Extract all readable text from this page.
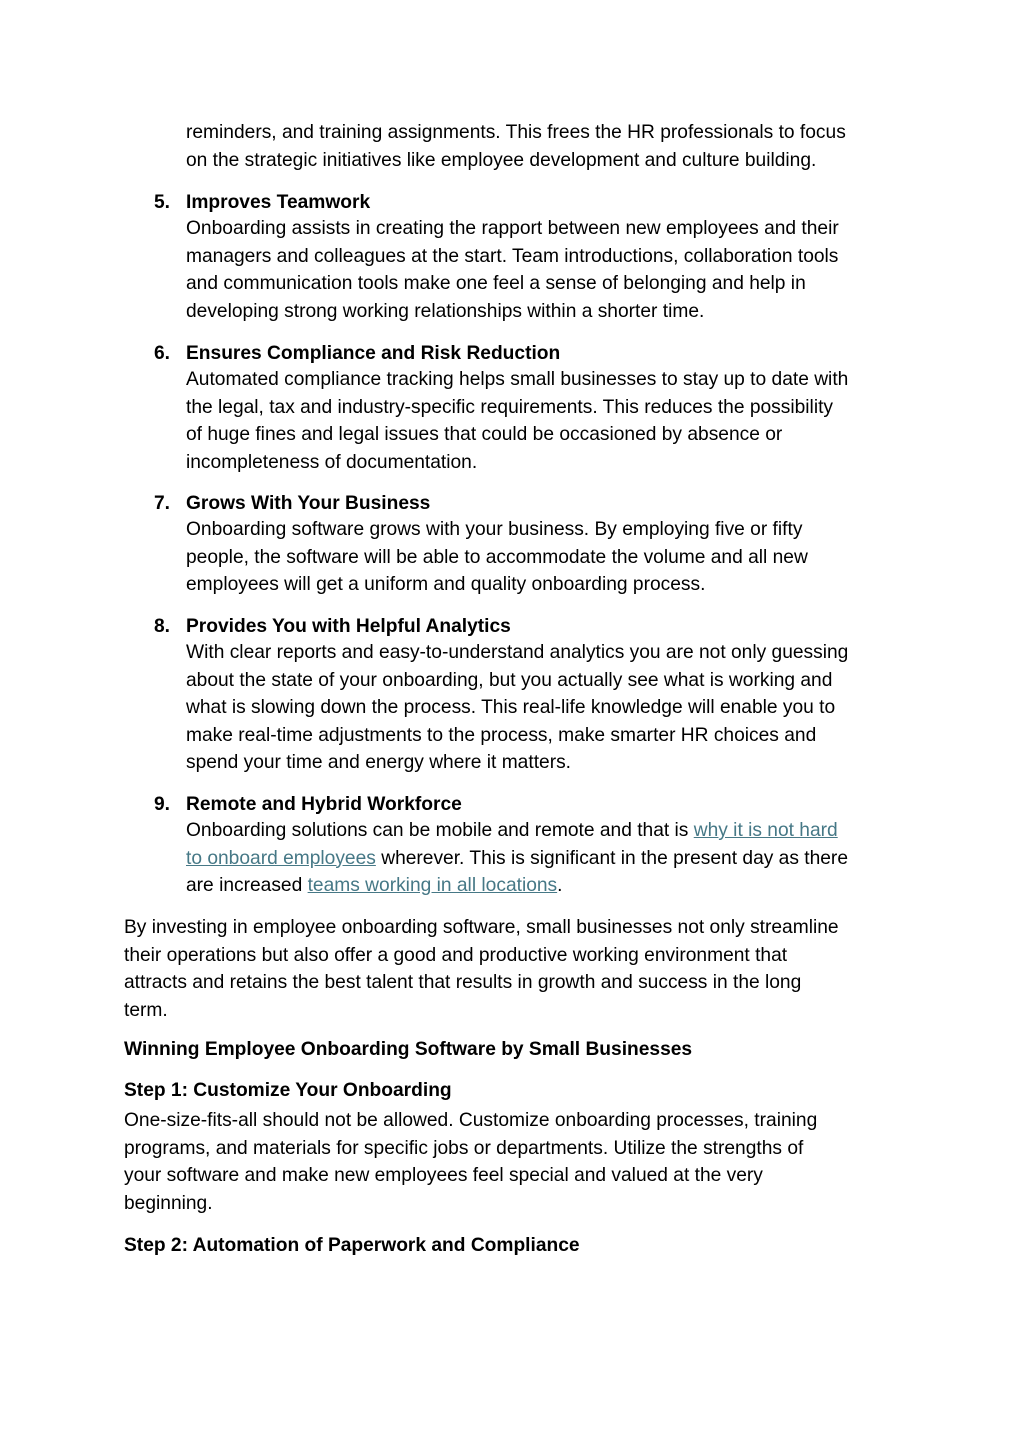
reminders, and training assignments. This frees the HR professionals to focus
on the strategic initiatives like employee development and culture building.
5. Improves Teamwork
Onboarding assists in creating the rapport between new employees and their
managers and colleagues at the start. Team introductions, collaboration tools
and communication tools make one feel a sense of belonging and help in
developing strong working relationships within a shorter time.
6. Ensures Compliance and Risk Reduction
Automated compliance tracking helps small businesses to stay up to date with
the legal, tax and industry-specific requirements. This reduces the possibility
of huge fines and legal issues that could be occasioned by absence or
incompleteness of documentation.
7. Grows With Your Business
Onboarding software grows with your business. By employing five or fifty
people, the software will be able to accommodate the volume and all new
employees will get a uniform and quality onboarding process.
8. Provides You with Helpful Analytics
With clear reports and easy-to-understand analytics you are not only guessing
about the state of your onboarding, but you actually see what is working and
what is slowing down the process. This real-life knowledge will enable you to
make real-time adjustments to the process, make smarter HR choices and
spend your time and energy where it matters.
9. Remote and Hybrid Workforce
Onboarding solutions can be mobile and remote and that is why it is not hard
to onboard employees wherever. This is significant in the present day as there
are increased teams working in all locations.
By investing in employee onboarding software, small businesses not only streamline
their operations but also offer a good and productive working environment that
attracts and retains the best talent that results in growth and success in the long
term.
Winning Employee Onboarding Software by Small Businesses
Step 1: Customize Your Onboarding
One-size-fits-all should not be allowed. Customize onboarding processes, training
programs, and materials for specific jobs or departments. Utilize the strengths of
your software and make new employees feel special and valued at the very
beginning.
Step 2: Automation of Paperwork and Compliance
